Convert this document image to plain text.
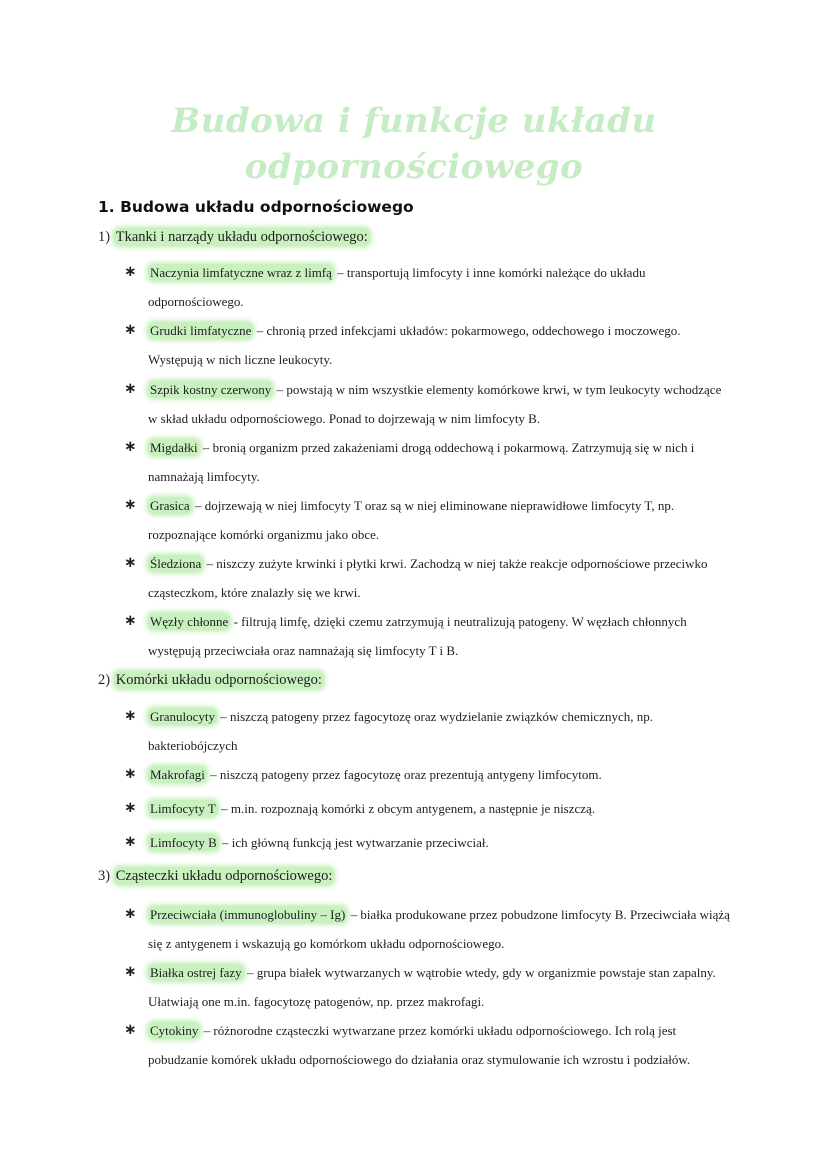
Budowa i funkcje układu
odpornościowego
1. Budowa układu odpornościowego
1) Tkanki i narządy układu odpornościowego:
∗ Naczynia limfatyczne wraz z limfą – transportują limfocyty i inne komórki należące do układu odpornościowego.
∗ Grudki limfatyczne – chronią przed infekcjami układów: pokarmowego, oddechowego i moczowego. Występują w nich liczne leukocyty.
∗ Szpik kostny czerwony – powstają w nim wszystkie elementy komórkowe krwi, w tym leukocyty wchodzące w skład układu odpornościowego. Ponad to dojrzewają w nim limfocyty B.
∗ Migdałki – bronią organizm przed zakażeniami drogą oddechową i pokarmową. Zatrzymują się w nich i namnażają limfocyty.
∗ Grasica – dojrzewają w niej limfocyty T oraz są w niej eliminowane nieprawidłowe limfocyty T, np. rozpoznające komórki organizmu jako obce.
∗ Śledziona – niszczy zużyte krwinki i płytki krwi. Zachodzą w niej także reakcje odpornościowe przeciwko cząsteczkom, które znalazły się we krwi.
∗ Węzły chłonne - filtrują limfę, dzięki czemu zatrzymują i neutralizują patogeny. W węzłach chłonnych występują przeciwciała oraz namnażają się limfocyty T i B.
2) Komórki układu odpornościowego:
∗ Granulocyty – niszczą patogeny przez fagocytozę oraz wydzielanie związków chemicznych, np. bakteriobójczych
∗ Makrofagi – niszczą patogeny przez fagocytozę oraz prezentują antygeny limfocytom.
∗ Limfocyty T – m.in. rozpoznają komórki z obcym antygenem, a następnie je niszczą.
∗ Limfocyty B – ich główną funkcją jest wytwarzanie przeciwciał.
3) Cząsteczki układu odpornościowego:
∗ Przeciwciała (immunoglobuliny – Ig) – białka produkowane przez pobudzone limfocyty B. Przeciwciała wiążą się z antygenem i wskazują go komórkom układu odpornościowego.
∗ Białka ostrej fazy – grupa białek wytwarzanych w wątrobie wtedy, gdy w organizmie powstaje stan zapalny. Ułatwiają one m.in. fagocytozę patogenów, np. przez makrofagi.
∗ Cytokiny – różnorodne cząsteczki wytwarzane przez komórki układu odpornościowego. Ich rolą jest pobudzanie komórek układu odpornościowego do działania oraz stymulowanie ich wzrostu i podziałów.
